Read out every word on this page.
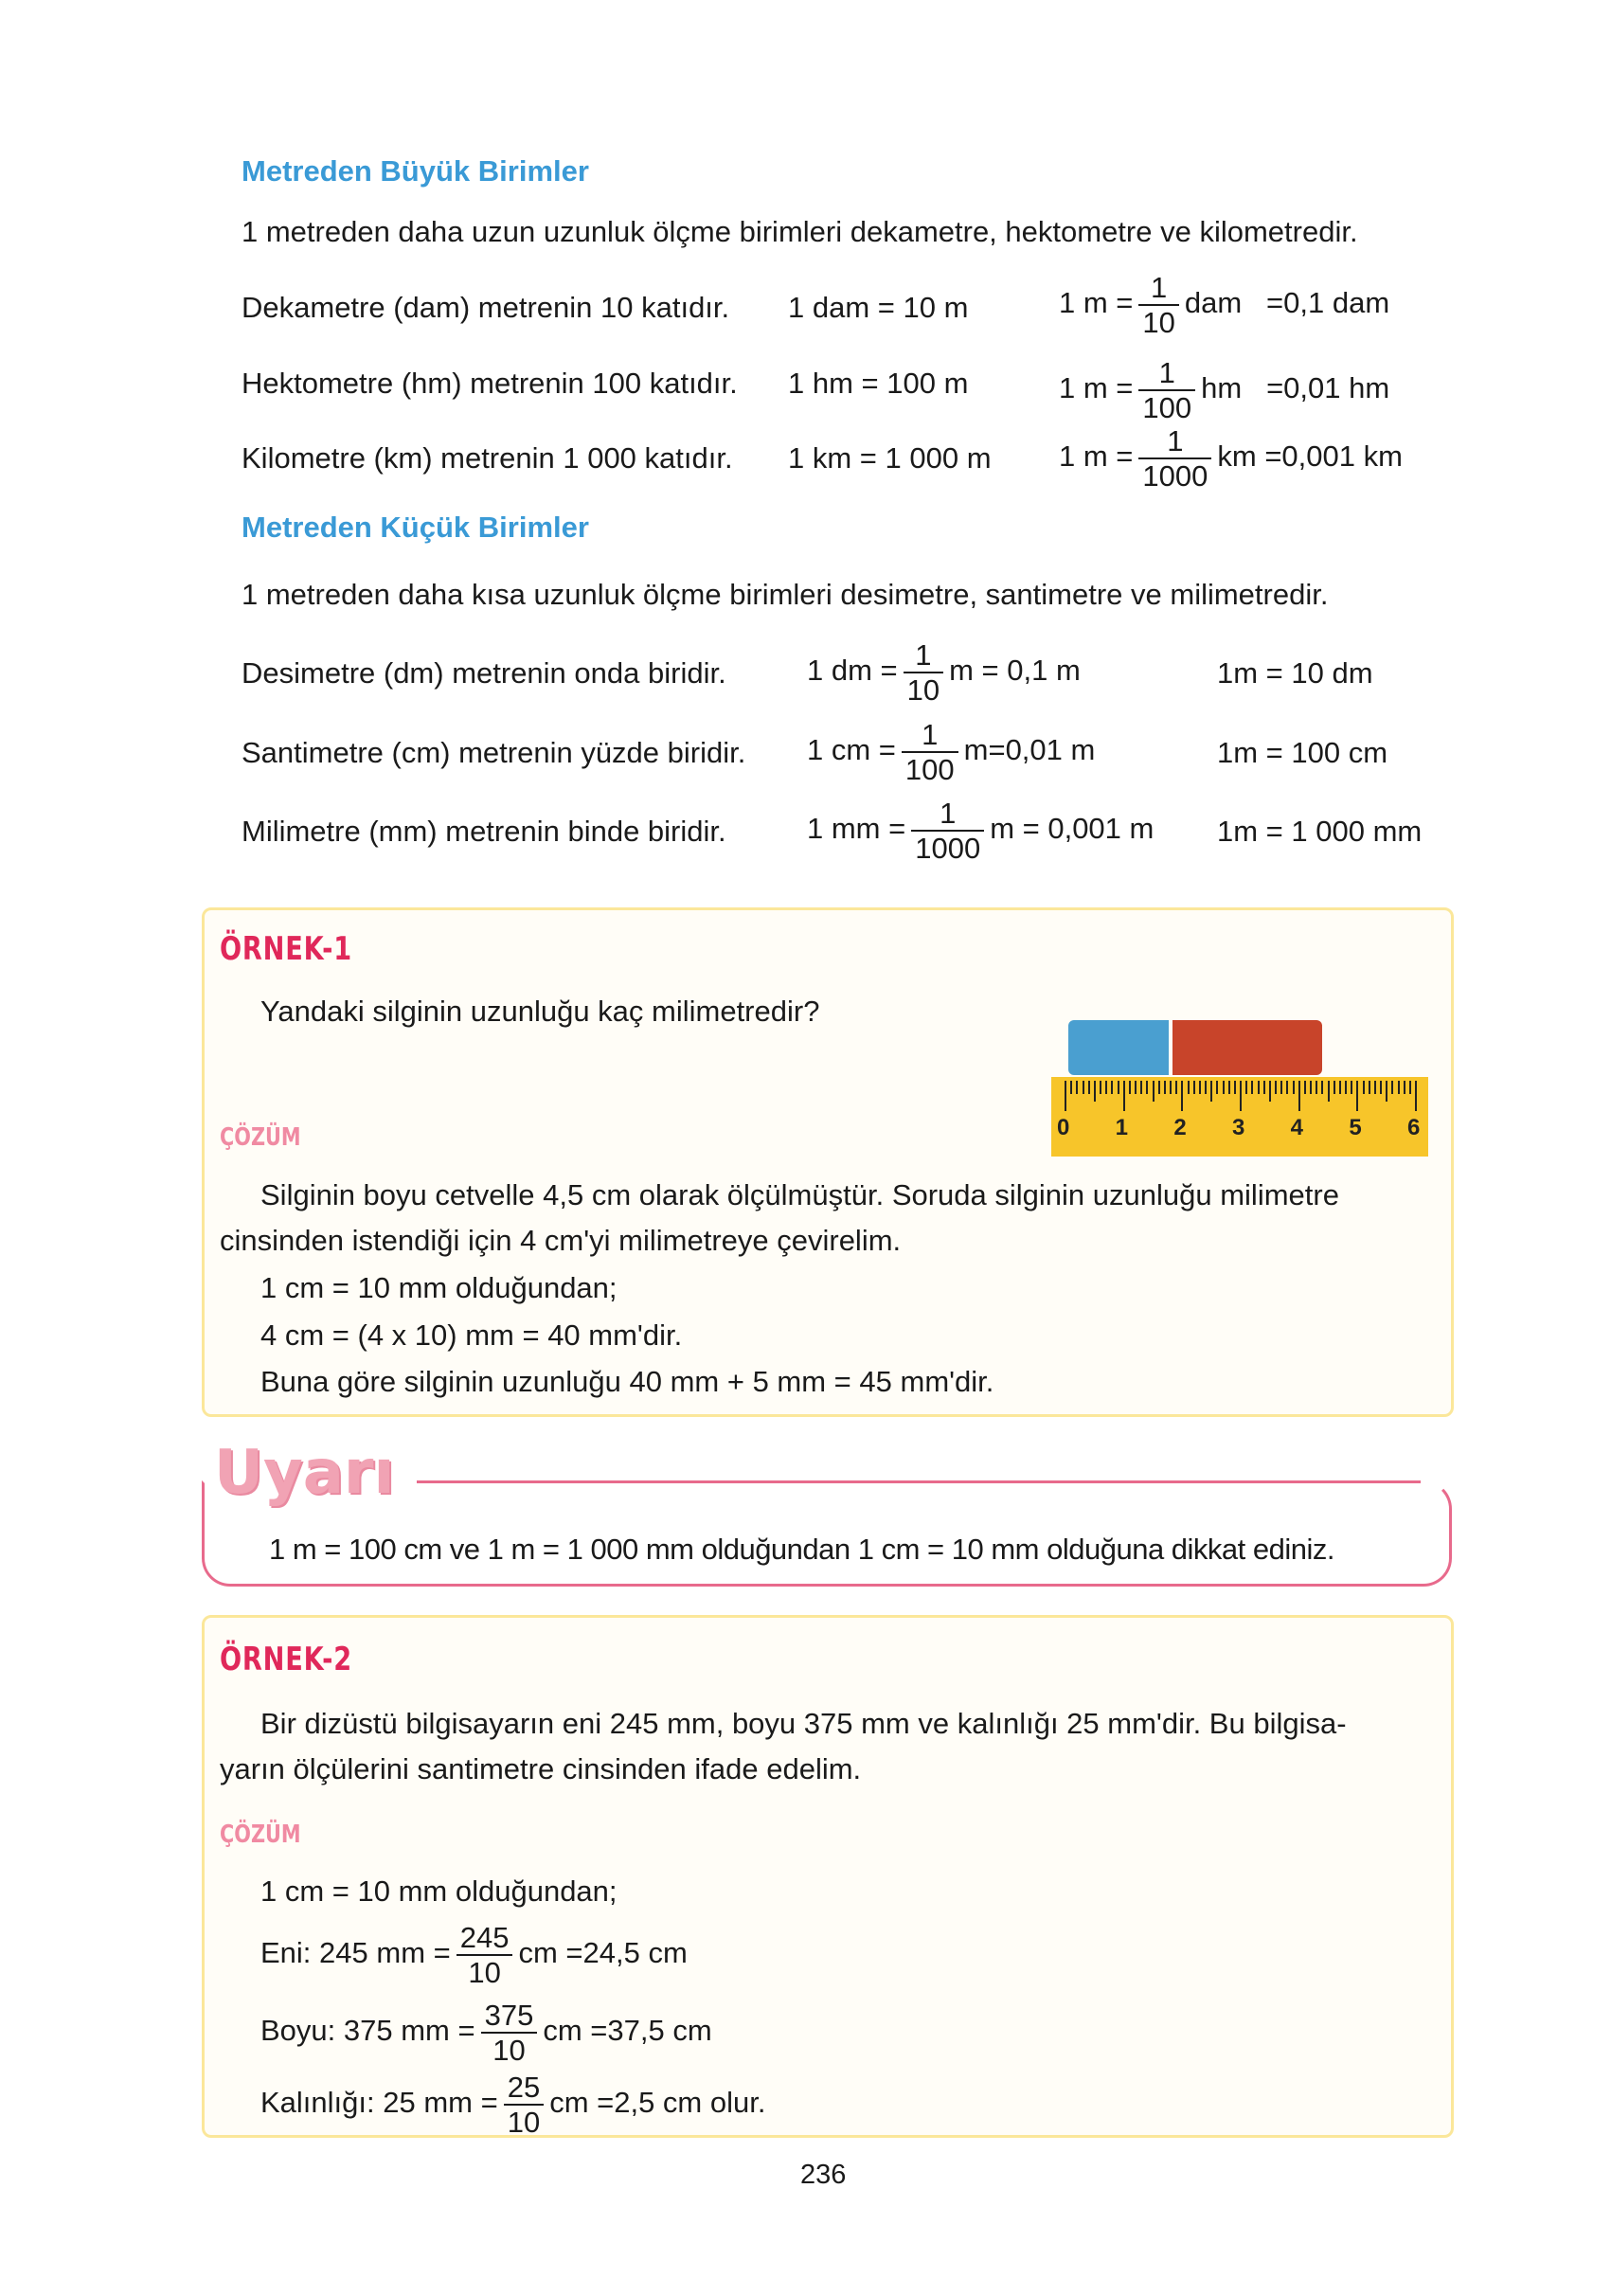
Metreden Büyük Birimler
1 metreden daha uzun uzunluk ölçme birimleri dekametre, hektometre ve kilometredir.
Dekametre (dam) metrenin 10 katıdır. 1 dam = 10 m	1 $m = \frac{1}{10}$ dam =0,1 dam
Hektometre (hm) metrenin 100 katıdır. 1 hm = 100 m	1 $m = \frac{1}{100}$ hm =0,01 hm
Kilometre (km) metrenin 1 000 katıdır. 1 km = 1 000 m 1 $m = \frac{1}{1000}$ km =0,001 km
Metreden Küçük Birimler
1 metreden daha kısa uzunluk ölçme birimleri desimetre, santimetre ve milimetredir.
Desimetre (dm) metrenin onda biridir.	1 dm = $\frac{1}{10}$ m = 0,1 m	1m = 10 dm
Santimetre (cm) metrenin yüzde biridir. 1 cm = $\frac{1}{100} m=0,01$ m	1m = 100 cm
Milimetre (mm) metrenin binde biridir.	1 mm = $\frac{1}{1000}$ m = 0,001 m 1m = 1 000 mm
ÖRNEK-1
Yandaki silginin uzunluğu kaç milimetredir?
0 1 2 3 4 5 6
ÇÖZÜM
Silginin boyu cetvelle 4,5 cm olarak ölçülmüştür. Soruda silginin uzunluğu milimetre
cinsinden istendiği için 4 cm'yi milimetreye çevirelim.
1 cm = 10 mm olduğundan;
4 cm = (4 x 10) mm = 40 mm'dir.
Buna göre silginin uzunluğu 40 mm + 5 mm = 45 mm'dir.
Uyarı
1 m = 100 cm ve 1 m = 1 000 mm olduğundan 1 cm = 10 mm olduğuna dikkat ediniz.
ÖRNEK-2
Bir dizüstü bilgisayarın eni 245 mm, boyu 375 mm ve kalınlığı 25 mm'dir. Bu bilgisa-
yarın ölçülerini santimetre cinsinden ifade edelim.
ÇÖZÜM
1 cm = 10 mm olduğundan;
Eni: 245 mm = $\frac{245}{10}$ cm =24,5 cm
Boyu: 375 mm = $\frac{375}{10}$ cm =37,5 cm
Kalınlığı: 25 mm = $\frac{25}{10}$ cm =2,5 cm olur.
236
